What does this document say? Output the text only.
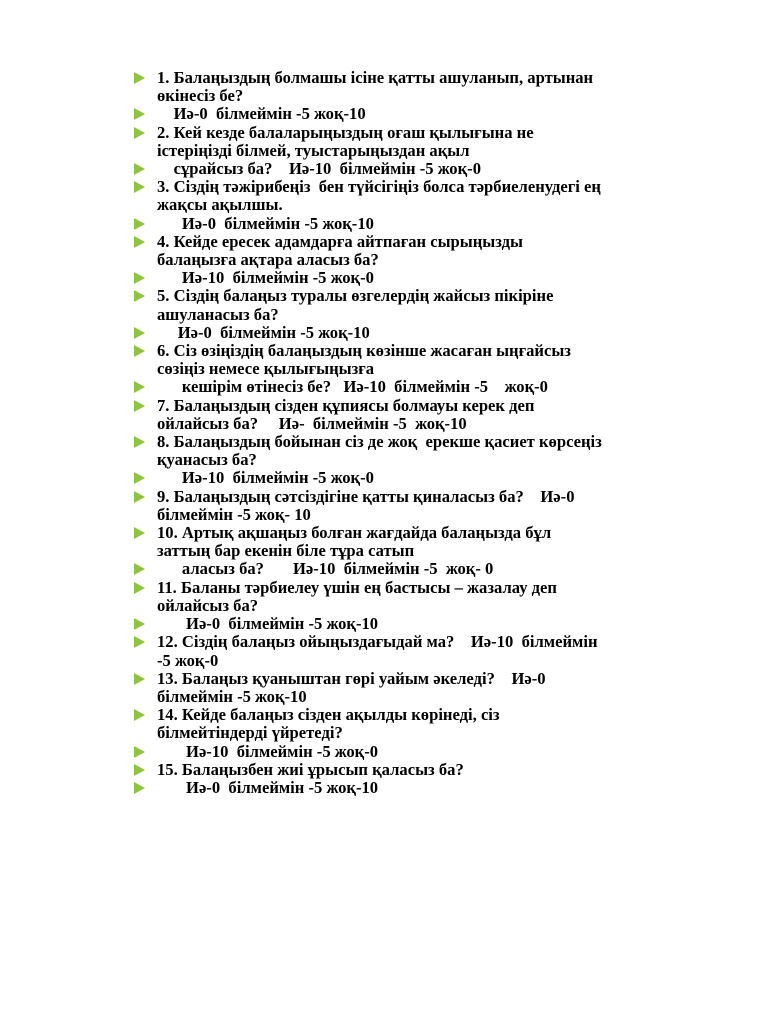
1. Балаңыздың болмашы ісіне қатты ашуланып, артынан
өкінесіз бе?
Иә-0  білмеймін -5 жоқ-10
2. Кей кезде балаларыңыздың оғаш қылығына не
істеріңізді білмей, туыстарыңыздан ақыл
сұрайсыз ба?    Иә-10  білмеймін -5 жоқ-0
3. Сіздің тәжірибеңіз  бен түйсігіңіз болса тәрбиеленудегі ең
жақсы ақылшы.
Иә-0  білмеймін -5 жоқ-10
4. Кейде ересек адамдарға айтпаған сырыңызды
балаңызға ақтара аласыз ба?
Иә-10  білмеймін -5 жоқ-0
5. Сіздің балаңыз туралы өзгелердің жайсыз пікіріне
ашуланасыз ба?
Иә-0  білмеймін -5 жоқ-10
6. Сіз өзіңіздің балаңыздың көзінше жасаған ыңғайсыз
сөзіңіз немесе қылығыңызға
кешірім өтінесіз бе?   Иә-10  білмеймін -5    жоқ-0
7. Балаңыздың сізден құпиясы болмауы керек деп
ойлайсыз ба?     Иә-  білмеймін -5  жоқ-10
8. Балаңыздың бойынан сіз де жоқ  ерекше қасиет көрсеңіз
қуанасыз ба?
Иә-10  білмеймін -5 жоқ-0
9. Балаңыздың сәтсіздігіне қатты қиналасыз ба?    Иә-0
білмеймін -5 жоқ- 10
10. Артық ақшаңыз болған жағдайда балаңызда бұл
заттың бар екенін біле тұра сатып
аласыз ба?       Иә-10  білмеймін -5  жоқ- 0
11. Баланы тәрбиелеу үшін ең бастысы – жазалау деп
ойлайсыз ба?
Иә-0  білмеймін -5 жоқ-10
12. Сіздің балаңыз ойыңыздағыдай ма?    Иә-10  білмеймін
-5 жоқ-0
13. Балаңыз қуаныштан гөрі уайым әкеледі?    Иә-0
білмеймін -5 жоқ-10
14. Кейде балаңыз сізден ақылды көрінеді, сіз
білмейтіндерді үйретеді?
Иә-10  білмеймін -5 жоқ-0
15. Балаңызбен жиі ұрысып қаласыз ба?
Иә-0  білмеймін -5 жоқ-10
